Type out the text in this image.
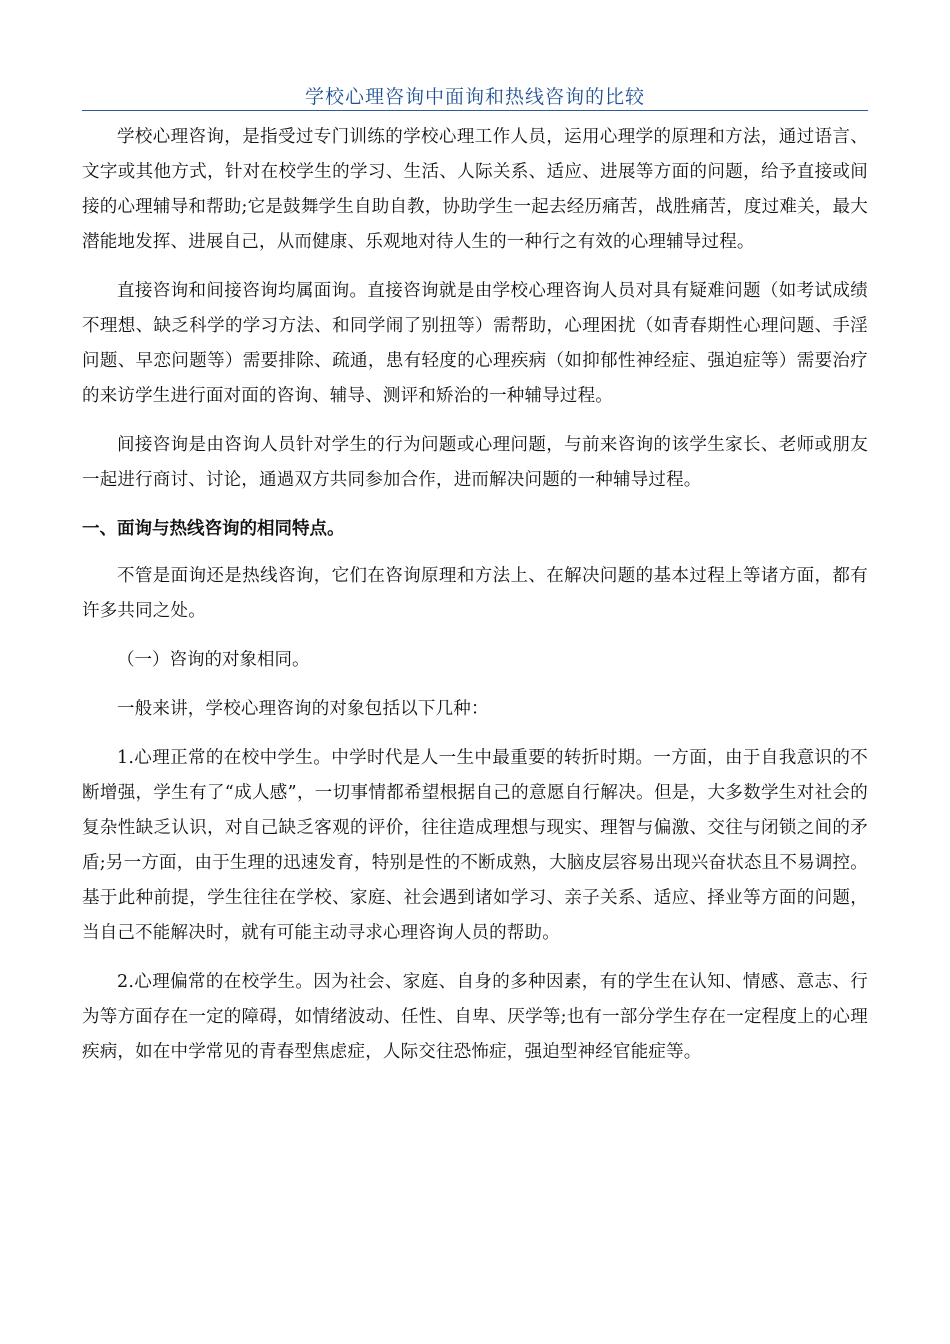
学校心理咨询中面询和热线咨询的比较

学校心理咨询，是指受过专门训练的学校心理工作人员，运用心理学的原理和方法，通过语言、文字或其他方式，针对在校学生的学习、生活、人际关系、适应、进展等方面的问题，给予直接或间接的心理辅导和帮助;它是鼓舞学生自助自教，协助学生一起去经历痛苦，战胜痛苦，度过难关，最大潜能地发挥、进展自己，从而健康、乐观地对待人生的一种行之有效的心理辅导过程。

直接咨询和间接咨询均属面询。直接咨询就是由学校心理咨询人员对具有疑难问题（如考试成绩不理想、缺乏科学的学习方法、和同学闹了别扭等）需帮助，心理困扰（如青春期性心理问题、手淫问题、早恋问题等）需要排除、疏通，患有轻度的心理疾病（如抑郁性神经症、强迫症等）需要治疗的来访学生进行面对面的咨询、辅导、测评和矫治的一种辅导过程。

间接咨询是由咨询人员针对学生的行为问题或心理问题，与前来咨询的该学生家长、老师或朋友一起进行商讨、讨论，通過双方共同参加合作，进而解决问题的一种辅导过程。

一、面询与热线咨询的相同特点。

不管是面询还是热线咨询，它们在咨询原理和方法上、在解决问题的基本过程上等诸方面，都有许多共同之处。

（一）咨询的对象相同。

一般来讲，学校心理咨询的对象包括以下几种：

1.心理正常的在校中学生。中学时代是人一生中最重要的转折时期。一方面，由于自我意识的不断增强，学生有了“成人感”，一切事情都希望根据自己的意愿自行解决。但是，大多数学生对社会的复杂性缺乏认识，对自己缺乏客观的评价，往往造成理想与现实、理智与偏激、交往与闭锁之间的矛盾;另一方面，由于生理的迅速发育，特别是性的不断成熟，大脑皮层容易出现兴奋状态且不易调控。基于此种前提，学生往往在学校、家庭、社会遇到诸如学习、亲子关系、适应、择业等方面的问题，当自己不能解决时，就有可能主动寻求心理咨询人员的帮助。

2.心理偏常的在校学生。因为社会、家庭、自身的多种因素，有的学生在认知、情感、意志、行为等方面存在一定的障碍，如情绪波动、任性、自卑、厌学等;也有一部分学生存在一定程度上的心理疾病，如在中学常见的青春型焦虑症，人际交往恐怖症，强迫型神经官能症等。
